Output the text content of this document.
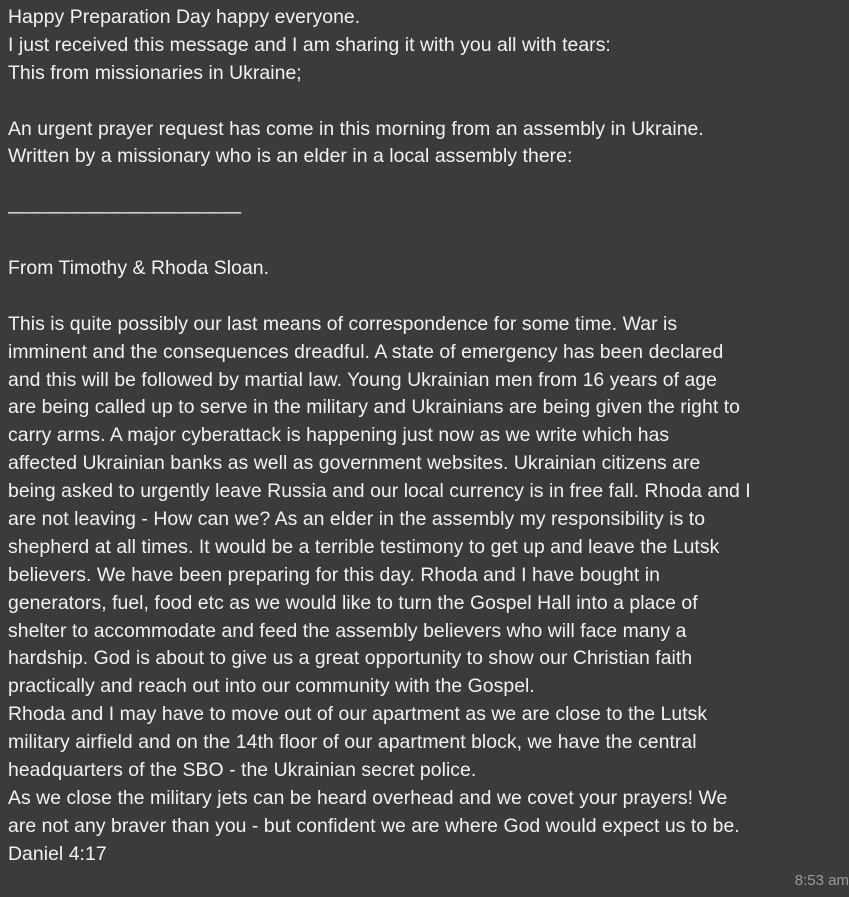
Happy Preparation Day happy everyone.
I just received this message and I am sharing it with you all with tears:
This from missionaries in Ukraine;
An urgent prayer request has come in this morning from an assembly in Ukraine.
Written by a missionary who is an elder in a local assembly there:
————————————
From Timothy & Rhoda Sloan.
This is quite possibly our last means of correspondence for some time. War is
imminent and the consequences dreadful. A state of emergency has been declared
and this will be followed by martial law. Young Ukrainian men from 16 years of age
are being called up to serve in the military and Ukrainians are being given the right to
carry arms. A major cyberattack is happening just now as we write which has
affected Ukrainian banks as well as government websites. Ukrainian citizens are
being asked to urgently leave Russia and our local currency is in free fall. Rhoda and I
are not leaving - How can we? As an elder in the assembly my responsibility is to
shepherd at all times. It would be a terrible testimony to get up and leave the Lutsk
believers. We have been preparing for this day. Rhoda and I have bought in
generators, fuel, food etc as we would like to turn the Gospel Hall into a place of
shelter to accommodate and feed the assembly believers who will face many a
hardship. God is about to give us a great opportunity to show our Christian faith
practically and reach out into our community with the Gospel.
Rhoda and I may have to move out of our apartment as we are close to the Lutsk
military airfield and on the 14th floor of our apartment block, we have the central
headquarters of the SBO - the Ukrainian secret police.
As we close the military jets can be heard overhead and we covet your prayers! We
are not any braver than you - but confident we are where God would expect us to be.
Daniel 4:17
8:53 am
